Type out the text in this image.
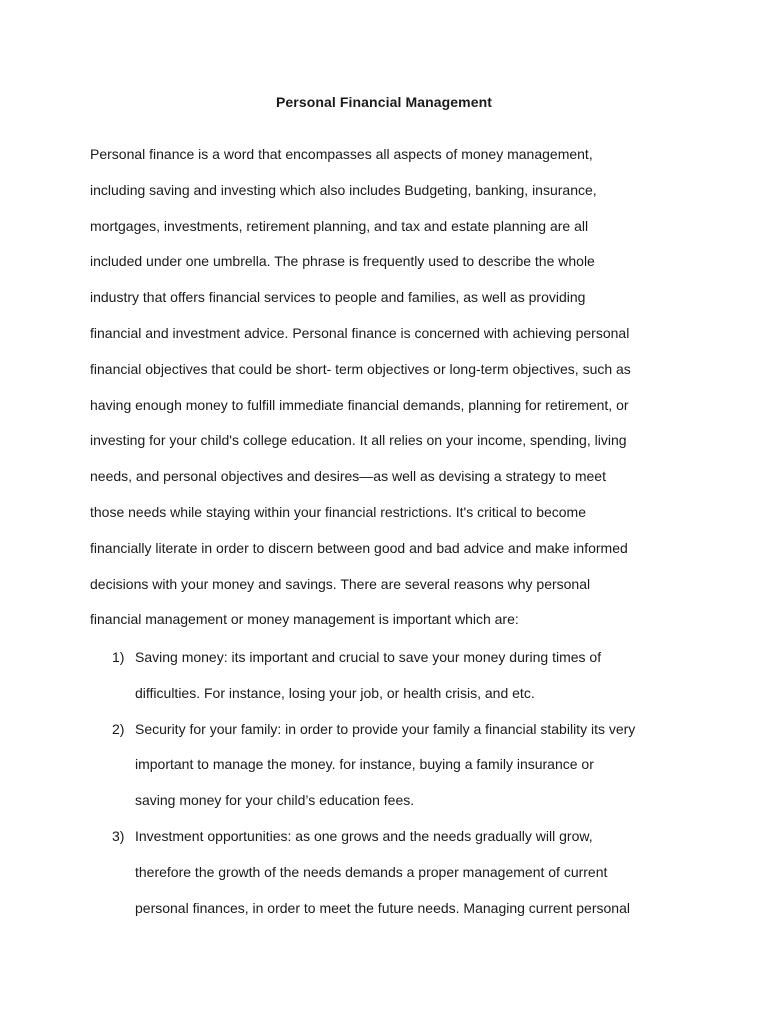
Personal Financial Management
Personal finance is a word that encompasses all aspects of money management,
including saving and investing which also includes Budgeting, banking, insurance,
mortgages, investments, retirement planning, and tax and estate planning are all
included under one umbrella. The phrase is frequently used to describe the whole
industry that offers financial services to people and families, as well as providing
financial and investment advice. Personal finance is concerned with achieving personal
financial objectives that could be short- term objectives or long-term objectives, such as
having enough money to fulfill immediate financial demands, planning for retirement, or
investing for your child's college education. It all relies on your income, spending, living
needs, and personal objectives and desires—as well as devising a strategy to meet
those needs while staying within your financial restrictions. It's critical to become
financially literate in order to discern between good and bad advice and make informed
decisions with your money and savings. There are several reasons why personal
financial management or money management is important which are:
1) Saving money: its important and crucial to save your money during times of
difficulties. For instance, losing your job, or health crisis, and etc.
2) Security for your family: in order to provide your family a financial stability its very
important to manage the money. for instance, buying a family insurance or
saving money for your child’s education fees.
3) Investment opportunities: as one grows and the needs gradually will grow,
therefore the growth of the needs demands a proper management of current
personal finances, in order to meet the future needs. Managing current personal
